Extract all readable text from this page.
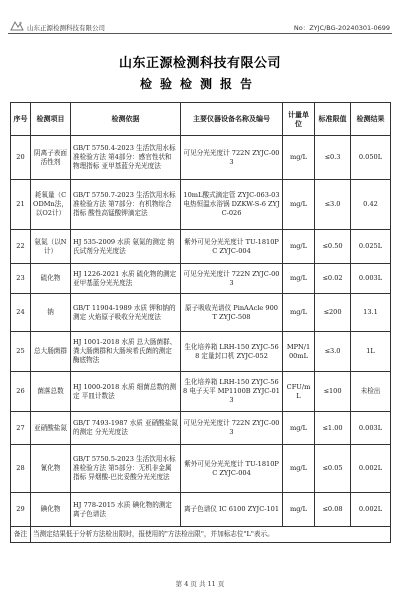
山东正源检测科技有限公司	No：ZYJC/BG-20240301-0699
山东正源检测科技有限公司
检验检测报告
序号	检测项目	检测依据	主要仪器设备名称及编号	计量单位	标准限值	检测结果
20	阴离子表面活性剂	GB/T 5750.4-2023 生活饮用水标准检验方法 第4部分：感官性状和物理指标 亚甲基蓝分光光度法	可见分光光度计 722N ZYJC-003	mg/L	≤0.3	0.050L
21	耗氧量（CODMn法，以O2计）	GB/T 5750.7-2023 生活饮用水标准检验方法 第7部分：有机物综合指标 酸性高锰酸钾滴定法	10mL酸式滴定管 ZYJC-063-03 电热恒温水浴锅 DZKW-S-6 ZYJC-026	mg/L	≤3.0	0.42
22	氨氮（以N计）	HJ 535-2009 水质 氨氮的测定 纳氏试剂分光光度法	紫外可见分光光度计 TU-1810PC ZYJC-004	mg/L	≤0.50	0.025L
23	硫化物	HJ 1226-2021 水质 硫化物的测定 亚甲基蓝分光光度法	可见分光光度计 722N ZYJC-003	mg/L	≤0.02	0.003L
24	钠	GB/T 11904-1989 水质 钾和钠的测定 火焰原子吸收分光光度法	原子吸收光谱仪 PinAAcle 900T ZYJC-508	mg/L	≤200	13.1
25	总大肠菌群	HJ 1001-2018 水质 总大肠菌群、粪大肠菌群和大肠埃希氏菌的测定 酶底物法	生化培养箱 LRH-150 ZYJC-568 定量封口机 ZYJC-052	MPN/100mL	≤3.0	1L
26	菌落总数	HJ 1000-2018 水质 细菌总数的测定 平皿计数法	生化培养箱 LRH-150 ZYJC-568 电子天平 MP1100B ZYJC-013	CFU/mL	≤100	未检出
27	亚硝酸盐氮	GB/T 7493-1987 水质 亚硝酸盐氮的测定 分光光度法	可见分光光度计 722N ZYJC-003	mg/L	≤1.00	0.003L
28	氰化物	GB/T 5750.5-2023 生活饮用水标准检验方法 第5部分：无机非金属指标 异烟酸-巴比妥酸分光光度法	紫外可见分光光度计 TU-1810PC ZYJC-004	mg/L	≤0.05	0.002L
29	碘化物	HJ 778-2015 水质 碘化物的测定 离子色谱法	离子色谱仪 IC 6100 ZYJC-101	mg/L	≤0.08	0.002L
备注	当测定结果低于分析方法检出限时，报使用的"方法检出限"，并加标志位"L"表示。					
第 4 页 共 11 页
